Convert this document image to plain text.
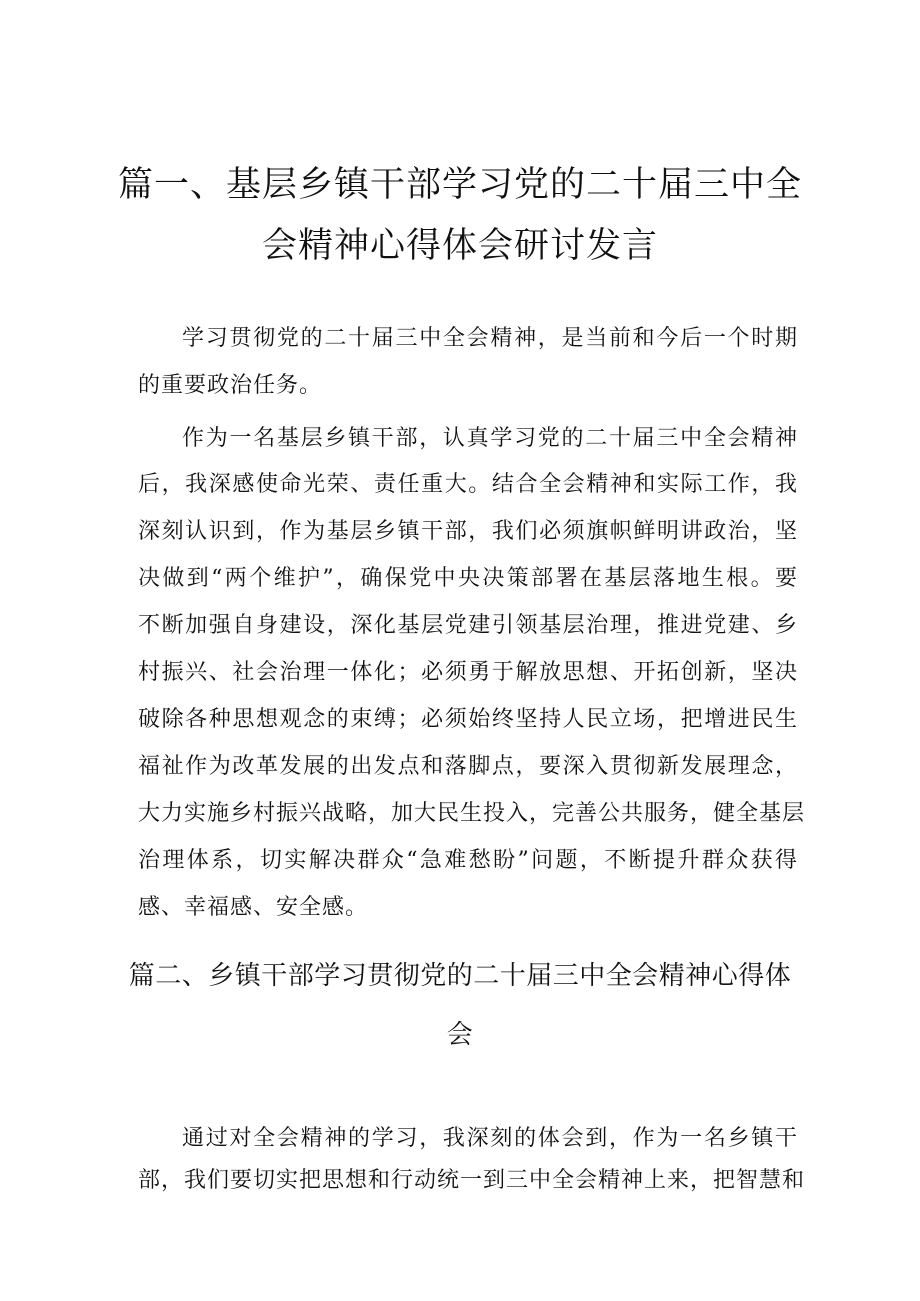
篇一、基层乡镇干部学习党的二十届三中全
会精神心得体会研讨发言
学习贯彻党的二十届三中全会精神，是当前和今后一个时期
的重要政治任务。
作为一名基层乡镇干部，认真学习党的二十届三中全会精神
后，我深感使命光荣、责任重大。结合全会精神和实际工作，我
深刻认识到，作为基层乡镇干部，我们必须旗帜鲜明讲政治，坚
决做到“两个维护”，确保党中央决策部署在基层落地生根。要
不断加强自身建设，深化基层党建引领基层治理，推进党建、乡
村振兴、社会治理一体化；必须勇于解放思想、开拓创新，坚决
破除各种思想观念的束缚；必须始终坚持人民立场，把增进民生
福祉作为改革发展的出发点和落脚点，要深入贯彻新发展理念，
大力实施乡村振兴战略，加大民生投入，完善公共服务，健全基层
治理体系，切实解决群众“急难愁盼”问题，不断提升群众获得
感、幸福感、安全感。
篇二、乡镇干部学习贯彻党的二十届三中全会精神心得体
会
通过对全会精神的学习，我深刻的体会到，作为一名乡镇干
部，我们要切实把思想和行动统一到三中全会精神上来，把智慧和
